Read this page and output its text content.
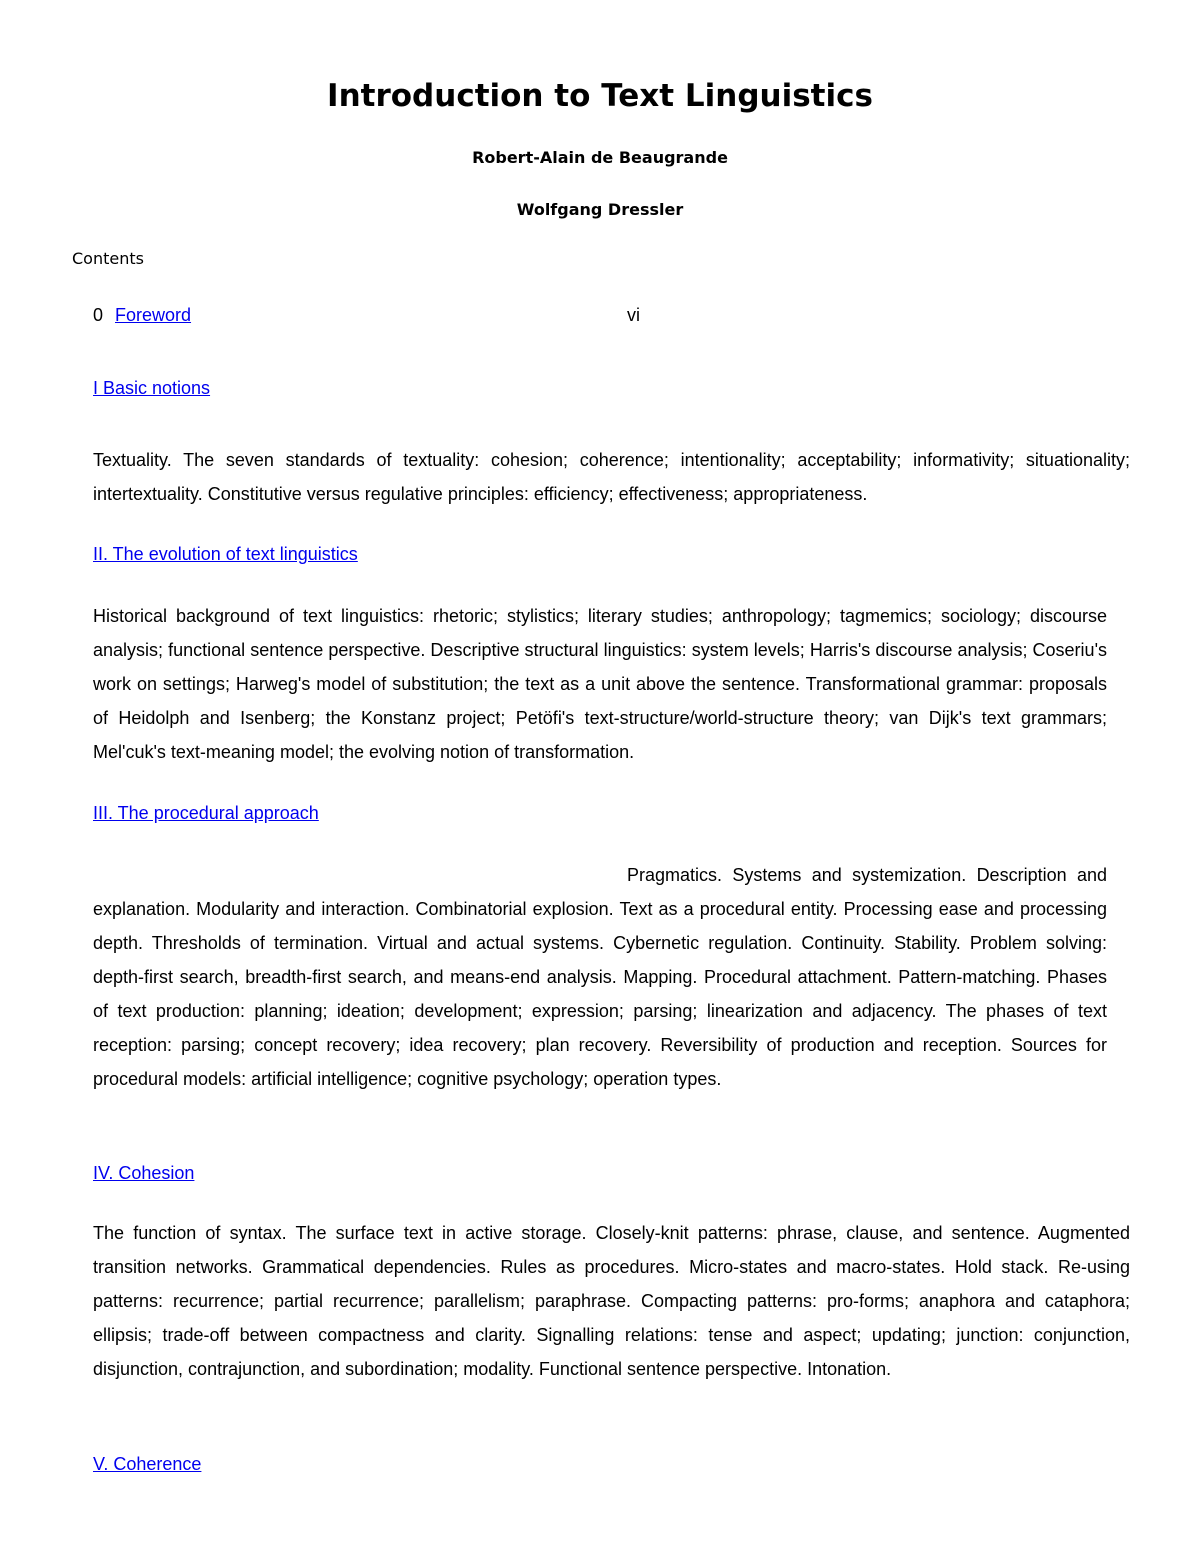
Introduction to Text Linguistics
Robert-Alain de Beaugrande
Wolfgang Dressler
Contents
0 Foreword	vi
I Basic notions

Textuality. The seven standards of textuality: cohesion; coherence; intentionality; acceptability; informativity; situationality; intertextuality. Constitutive versus regulative principles: efficiency; effectiveness; appropriateness.

II. The evolution of text linguistics

Historical background of text linguistics: rhetoric; stylistics; literary studies; anthropology; tagmemics; sociology; discourse analysis; functional sentence perspective. Descriptive structural linguistics: system levels; Harris's discourse analysis; Coseriu's work on settings; Harweg's model of substitution; the text as a unit above the sentence. Transformational grammar: proposals of Heidolph and Isenberg; the Konstanz project; Petöfi's text-structure/world-structure theory; van Dijk's text grammars; Mel'cuk's text-meaning model; the evolving notion of transformation.

III. The procedural approach

Pragmatics. Systems and systemization. Description and explanation. Modularity and interaction. Combinatorial explosion. Text as a procedural entity. Processing ease and processing depth. Thresholds of termination. Virtual and actual systems. Cybernetic regulation. Continuity. Stability. Problem solving: depth-first search, breadth-first search, and means-end analysis. Mapping. Procedural attachment. Pattern-matching. Phases of text production: planning; ideation; development; expression; parsing; linearization and adjacency. The phases of text reception: parsing; concept recovery; idea recovery; plan recovery. Reversibility of production and reception. Sources for procedural models: artificial intelligence; cognitive psychology; operation types.

IV. Cohesion

The function of syntax. The surface text in active storage. Closely-knit patterns: phrase, clause, and sentence. Augmented transition networks. Grammatical dependencies. Rules as procedures. Micro-states and macro-states. Hold stack. Re-using patterns: recurrence; partial recurrence; parallelism; paraphrase. Compacting patterns: pro-forms; anaphora and cataphora; ellipsis; trade-off between compactness and clarity. Signalling relations: tense and aspect; updating; junction: conjunction, disjunction, contrajunction, and subordination; modality. Functional sentence perspective. Intonation.

V. Coherence
